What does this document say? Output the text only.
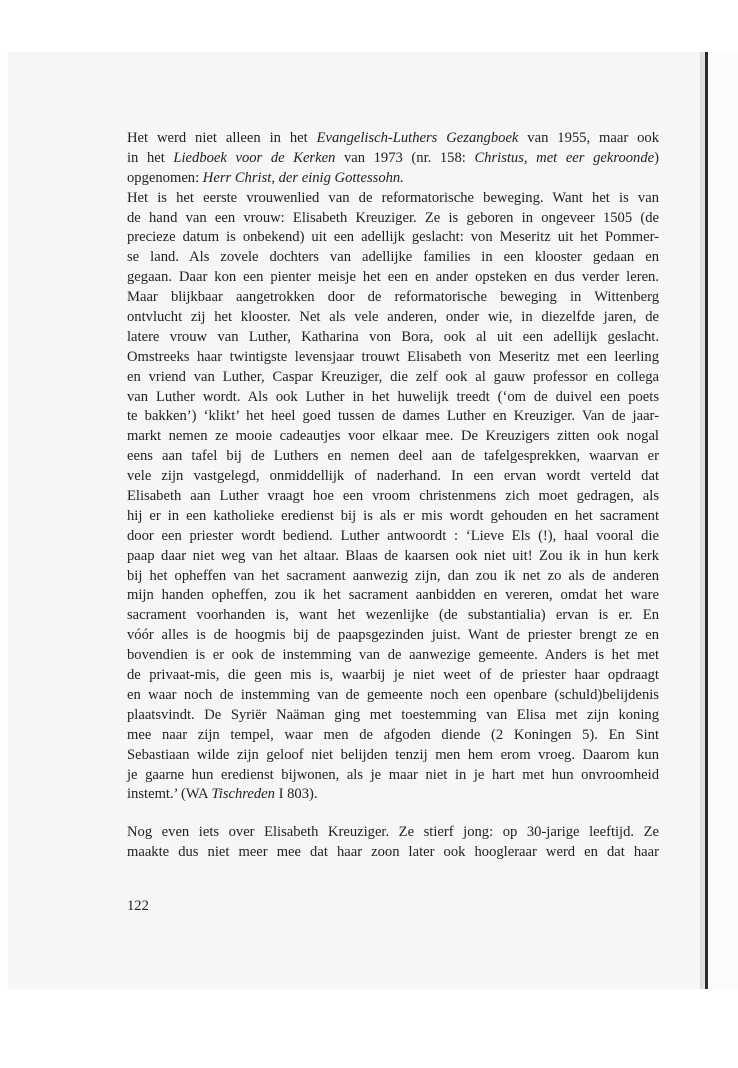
Het werd niet alleen in het Evangelisch-Luthers Gezangboek van 1955, maar ook
in het Liedboek voor de Kerken van 1973 (nr. 158: Christus, met eer gekroonde)
opgenomen: Herr Christ, der einig Gottessohn.
Het is het eerste vrouwenlied van de reformatorische beweging. Want het is van
de hand van een vrouw: Elisabeth Kreuziger. Ze is geboren in ongeveer 1505 (de
precieze datum is onbekend) uit een adellijk geslacht: von Meseritz uit het Pommer-
se land. Als zovele dochters van adellijke families in een klooster gedaan en
gegaan. Daar kon een pienter meisje het een en ander opsteken en dus verder leren.
Maar blijkbaar aangetrokken door de reformatorische beweging in Wittenberg
ontvlucht zij het klooster. Net als vele anderen, onder wie, in diezelfde jaren, de
latere vrouw van Luther, Katharina von Bora, ook al uit een adellijk geslacht.
Omstreeks haar twintigste levensjaar trouwt Elisabeth von Meseritz met een leerling
en vriend van Luther, Caspar Kreuziger, die zelf ook al gauw professor en collega
van Luther wordt. Als ook Luther in het huwelijk treedt (‘om de duivel een poets
te bakken’) ‘klikt’ het heel goed tussen de dames Luther en Kreuziger. Van de jaar-
markt nemen ze mooie cadeautjes voor elkaar mee. De Kreuzigers zitten ook nogal
eens aan tafel bij de Luthers en nemen deel aan de tafelgesprekken, waarvan er
vele zijn vastgelegd, onmiddellijk of naderhand. In een ervan wordt verteld dat
Elisabeth aan Luther vraagt hoe een vroom christenmens zich moet gedragen, als
hij er in een katholieke eredienst bij is als er mis wordt gehouden en het sacrament
door een priester wordt bediend. Luther antwoordt : ‘Lieve Els (!), haal vooral die
paap daar niet weg van het altaar. Blaas de kaarsen ook niet uit! Zou ik in hun kerk
bij het opheffen van het sacrament aanwezig zijn, dan zou ik net zo als de anderen
mijn handen opheffen, zou ik het sacrament aanbidden en vereren, omdat het ware
sacrament voorhanden is, want het wezenlijke (de substantialia) ervan is er. En
vóór alles is de hoogmis bij de paapsgezinden juist. Want de priester brengt ze en
bovendien is er ook de instemming van de aanwezige gemeente. Anders is het met
de privaat-mis, die geen mis is, waarbij je niet weet of de priester haar opdraagt
en waar noch de instemming van de gemeente noch een openbare (schuld)belijdenis
plaatsvindt. De Syriër Naäman ging met toestemming van Elisa met zijn koning
mee naar zijn tempel, waar men de afgoden diende (2 Koningen 5). En Sint
Sebastiaan wilde zijn geloof niet belijden tenzij men hem erom vroeg. Daarom kun
je gaarne hun eredienst bijwonen, als je maar niet in je hart met hun onvroomheid
instemt.’ (WA Tischreden I 803).
Nog even iets over Elisabeth Kreuziger. Ze stierf jong: op 30-jarige leeftijd. Ze
maakte dus niet meer mee dat haar zoon later ook hoogleraar werd en dat haar
122
